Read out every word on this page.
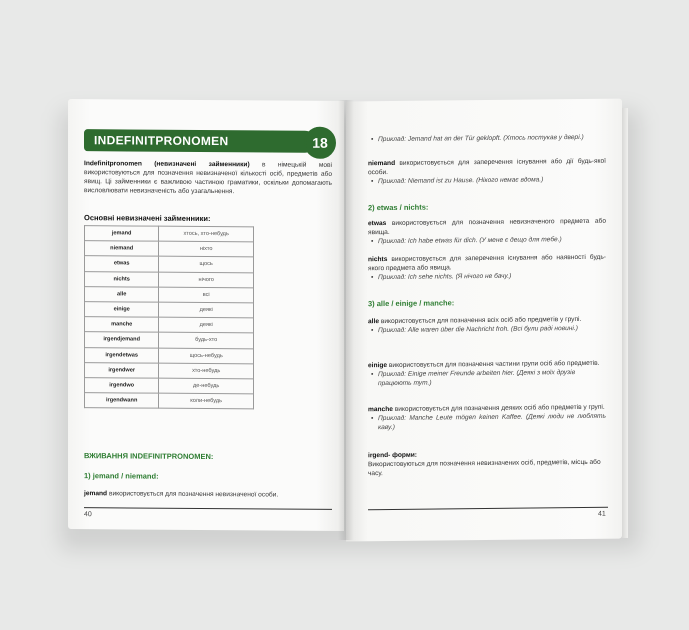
INDEFINITPRONOMEN	18
Indefinitpronomen (невизначені займенники) в німецькій мові використовуються для позначення невизначеної кількості осіб, предметів або явищ. Ці займенники є важливою частиною граматики, оскільки допомагають висловлювати невизначеність або узагальнення.
Основні невизначені займенники:
jemand	хтось, хто-небудь
niemand	ніхто
etwas	щось
nichts	нічого
alle	всі
einige	деякі
manche	деякі
irgendjemand	будь-хто
irgendetwas	щось-небудь
irgendwer	хто-небудь
irgendwo	де-небудь
irgendwann	коли-небудь
ВЖИВАННЯ INDEFINITPRONOMEN:
1) jemand / niemand:
jemand використовується для позначення невизначеної особи.
40
• Приклад: Jemand hat an der Tür geklopft. (Хтось постукав у двері.)
niemand використовується для заперечення існування або дії будь-якої особи.
• Приклад: Niemand ist zu Hause. (Нікого немає вдома.)
2) etwas / nichts:
etwas використовується для позначення невизначеного предмета або явища.
• Приклад: Ich habe etwas für dich. (У мене є дещо для тебе.)
nichts використовується для заперечення існування або наявності будь-якого предмета або явища.
• Приклад: Ich sehe nichts. (Я нічого не бачу.)
3) alle / einige / manche:
alle використовується для позначення всіх осіб або предметів у групі.
• Приклад: Alle waren über die Nachricht froh. (Всі були раді новині.)
einige використовується для позначення частини групи осіб або предметів.
• Приклад: Einige meiner Freunde arbeiten hier. (Деякі з моїх друзів працюють тут.)
manche використовується для позначення деяких осіб або предметів у групі.
• Приклад: Manche Leute mögen keinen Kaffee. (Деякі люди не люблять каву.)
irgend- форми:
Використовуються для позначення невизначених осіб, предметів, місць або часу.
41
